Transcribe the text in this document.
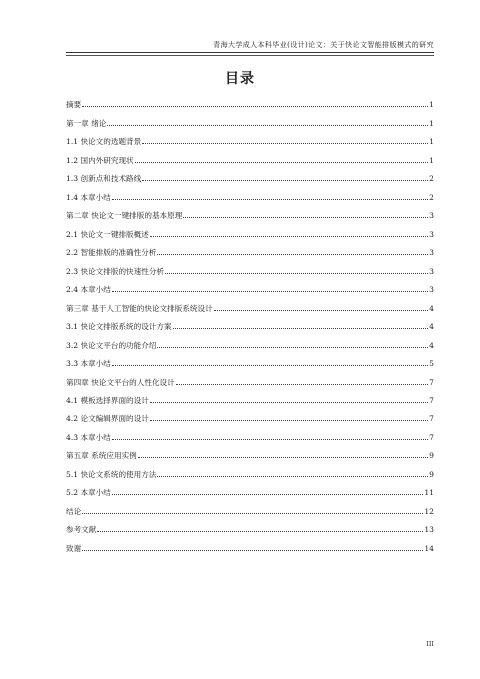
青海大学成人本科毕业(设计)论文：关于快论文智能排版模式的研究
目录
摘要	1
第一章 绪论	1
1.1 快论文的选题背景	1
1.2 国内外研究现状	1
1.3 创新点和技术路线	2
1.4 本章小结	2
第二章 快论文一键排版的基本原理	3
2.1 快论文一键排版概述	3
2.2 智能排版的准确性分析	3
2.3 快论文排版的快速性分析	3
2.4 本章小结	3
第三章 基于人工智能的快论文排版系统设计	4
3.1 快论文排版系统的设计方案	4
3.2 快论文平台的功能介绍	4
3.3 本章小结	5
第四章 快论文平台的人性化设计	7
4.1 模板选择界面的设计	7
4.2 论文编辑界面的设计	7
4.3 本章小结	7
第五章 系统应用实例	9
5.1 快论文系统的使用方法	9
5.2 本章小结	11
结论	12
参考文献	13
致谢	14
III
